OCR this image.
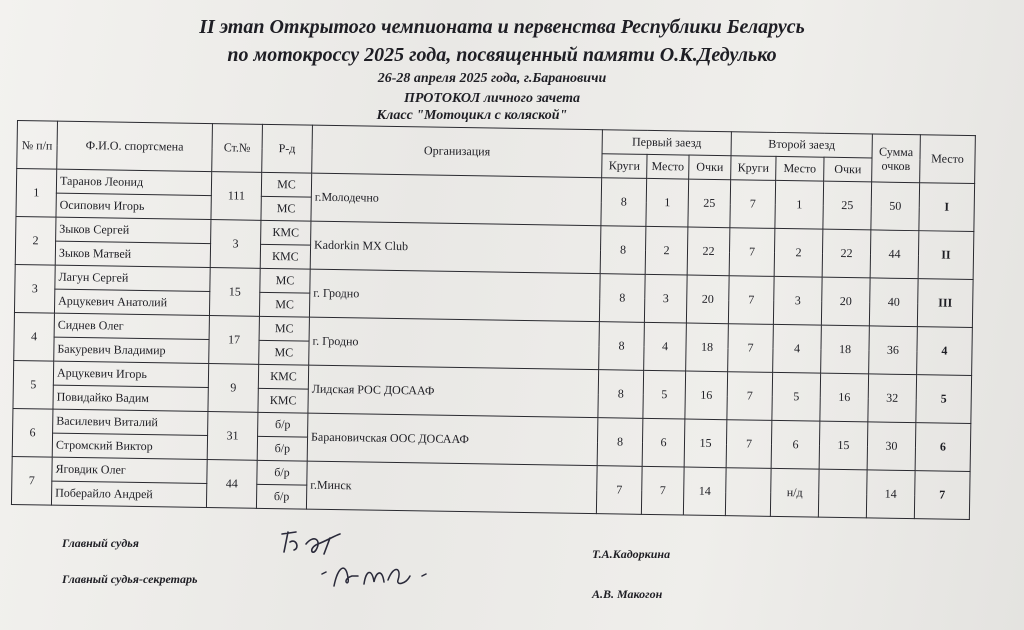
II этап Открытого чемпионата и первенства Республики Беларусь
по мотокроссу 2025 года, посвященный памяти О.К.Дедулько
26-28 апреля 2025 года, г.Барановичи
ПРОТОКОЛ личного зачета
Класс "Мотоцикл с коляской"
№ п/п	Ф.И.О. спортсмена	Ст.№	Р-д	Организация	Первый заезд			Второй заезд			Сумма очков	Место
					Круги	Место	Очки	Круги	Место	Очки		
1	Таранов Леонид	111	МС	г.Молодечно	8	1	25	7	1	25	50	I
	Осипович Игорь		МС									
2	Зыков Сергей	3	КМС	Kadorkin MX Club	8	2	22	7	2	22	44	II
	Зыков Матвей		КМС									
3	Лагун Сергей	15	МС	г. Гродно	8	3	20	7	3	20	40	III
	Арцукевич Анатолий		МС									
4	Сиднев Олег	17	МС	г. Гродно	8	4	18	7	4	18	36	4
	Бакуревич Владимир		МС									
5	Арцукевич Игорь	9	КМС	Лидская РОС ДОСААФ	8	5	16	7	5	16	32	5
	Повидайко Вадим		КМС									
6	Василевич Виталий	31	б/р	Барановичская ООС ДОСААФ	8	6	15	7	6	15	30	6
	Стромский Виктор		б/р									
7	Яговдик Олег	44	б/р	г.Минск	7	7	14		н/д		14	7
	Поберайло Андрей		б/р									
Главный судья
Т.А.Кадоркина
Главный судья-секретарь
А.В. Макогон
